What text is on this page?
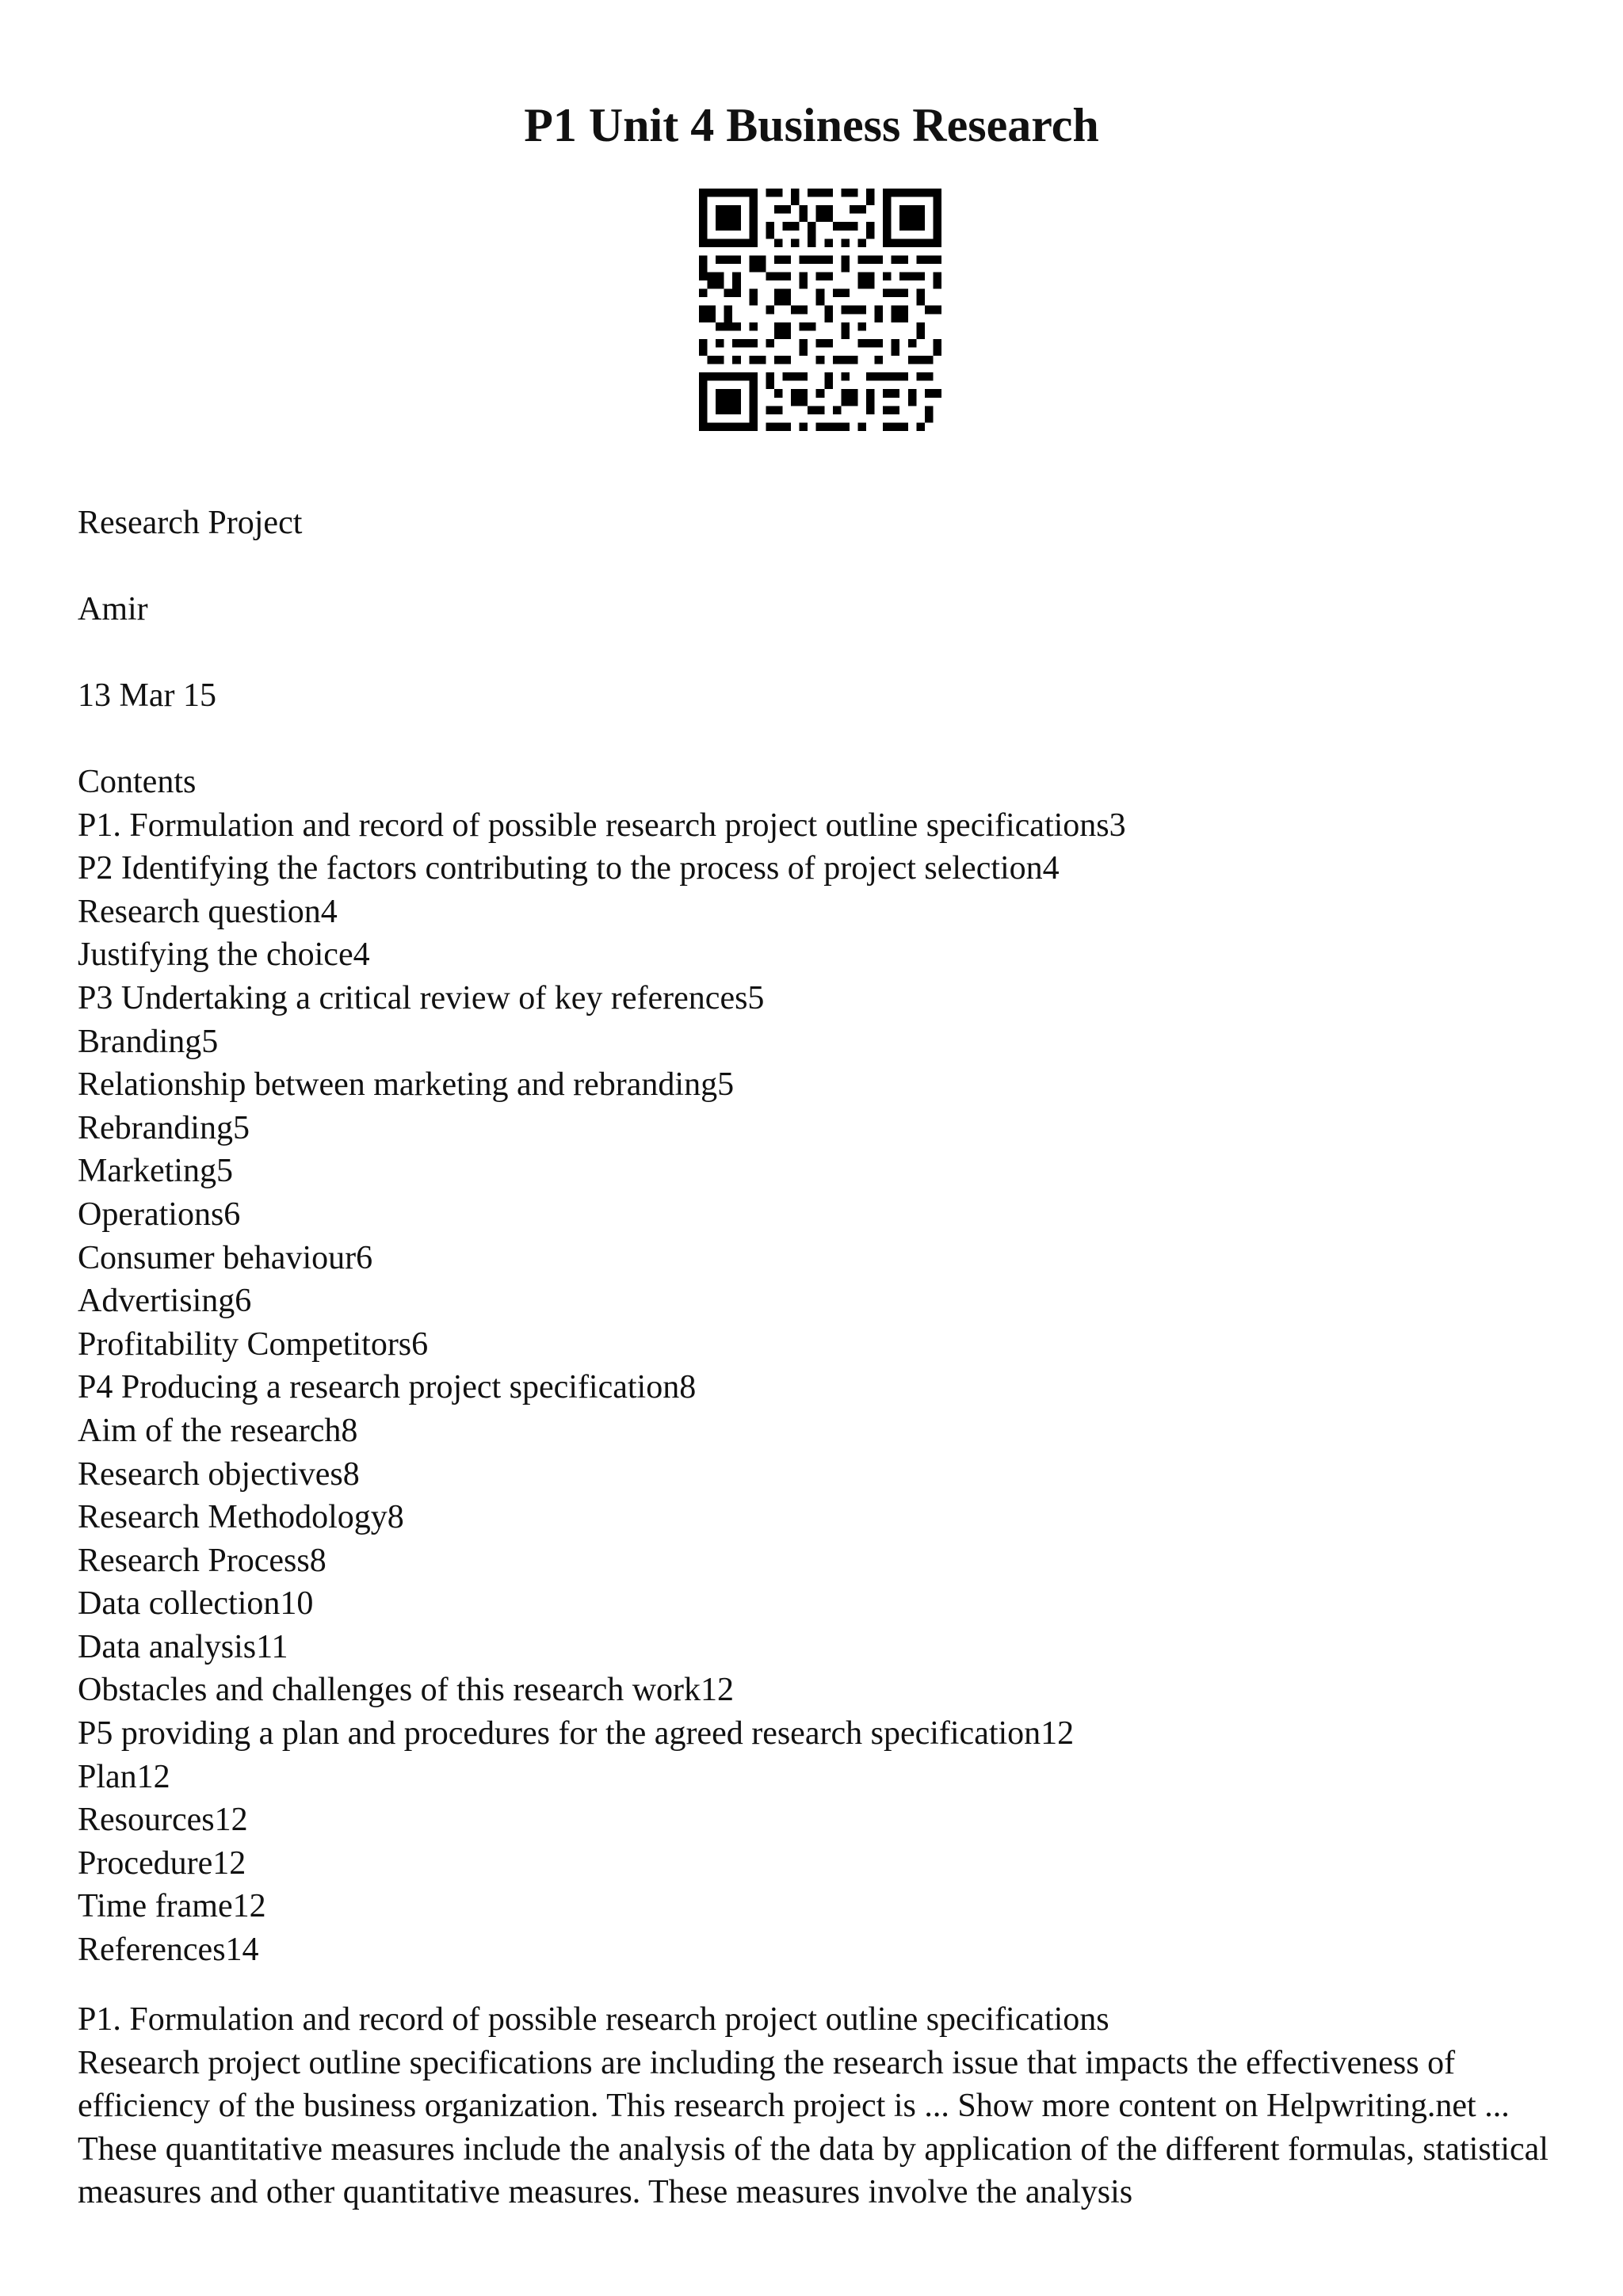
P1 Unit 4 Business Research

Research Project

Amir

13 Mar 15

Contents
P1. Formulation and record of possible research project outline specifications3
P2 Identifying the factors contributing to the process of project selection4
Research question4
Justifying the choice4
P3 Undertaking a critical review of key references5
Branding5
Relationship between marketing and rebranding5
Rebranding5
Marketing5
Operations6
Consumer behaviour6
Advertising6
Profitability Competitors6
P4 Producing a research project specification8
Aim of the research8
Research objectives8
Research Methodology8
Research Process8
Data collection10
Data analysis11
Obstacles and challenges of this research work12
P5 providing a plan and procedures for the agreed research specification12
Plan12
Resources12
Procedure12
Time frame12
References14
P1. Formulation and record of possible research project outline specifications
Research project outline specifications are including the research issue that impacts the effectiveness of efficiency of the business organization. This research project is ... Show more content on Helpwriting.net ...
These quantitative measures include the analysis of the data by application of the different formulas, statistical measures and other quantitative measures. These measures involve the analysis
